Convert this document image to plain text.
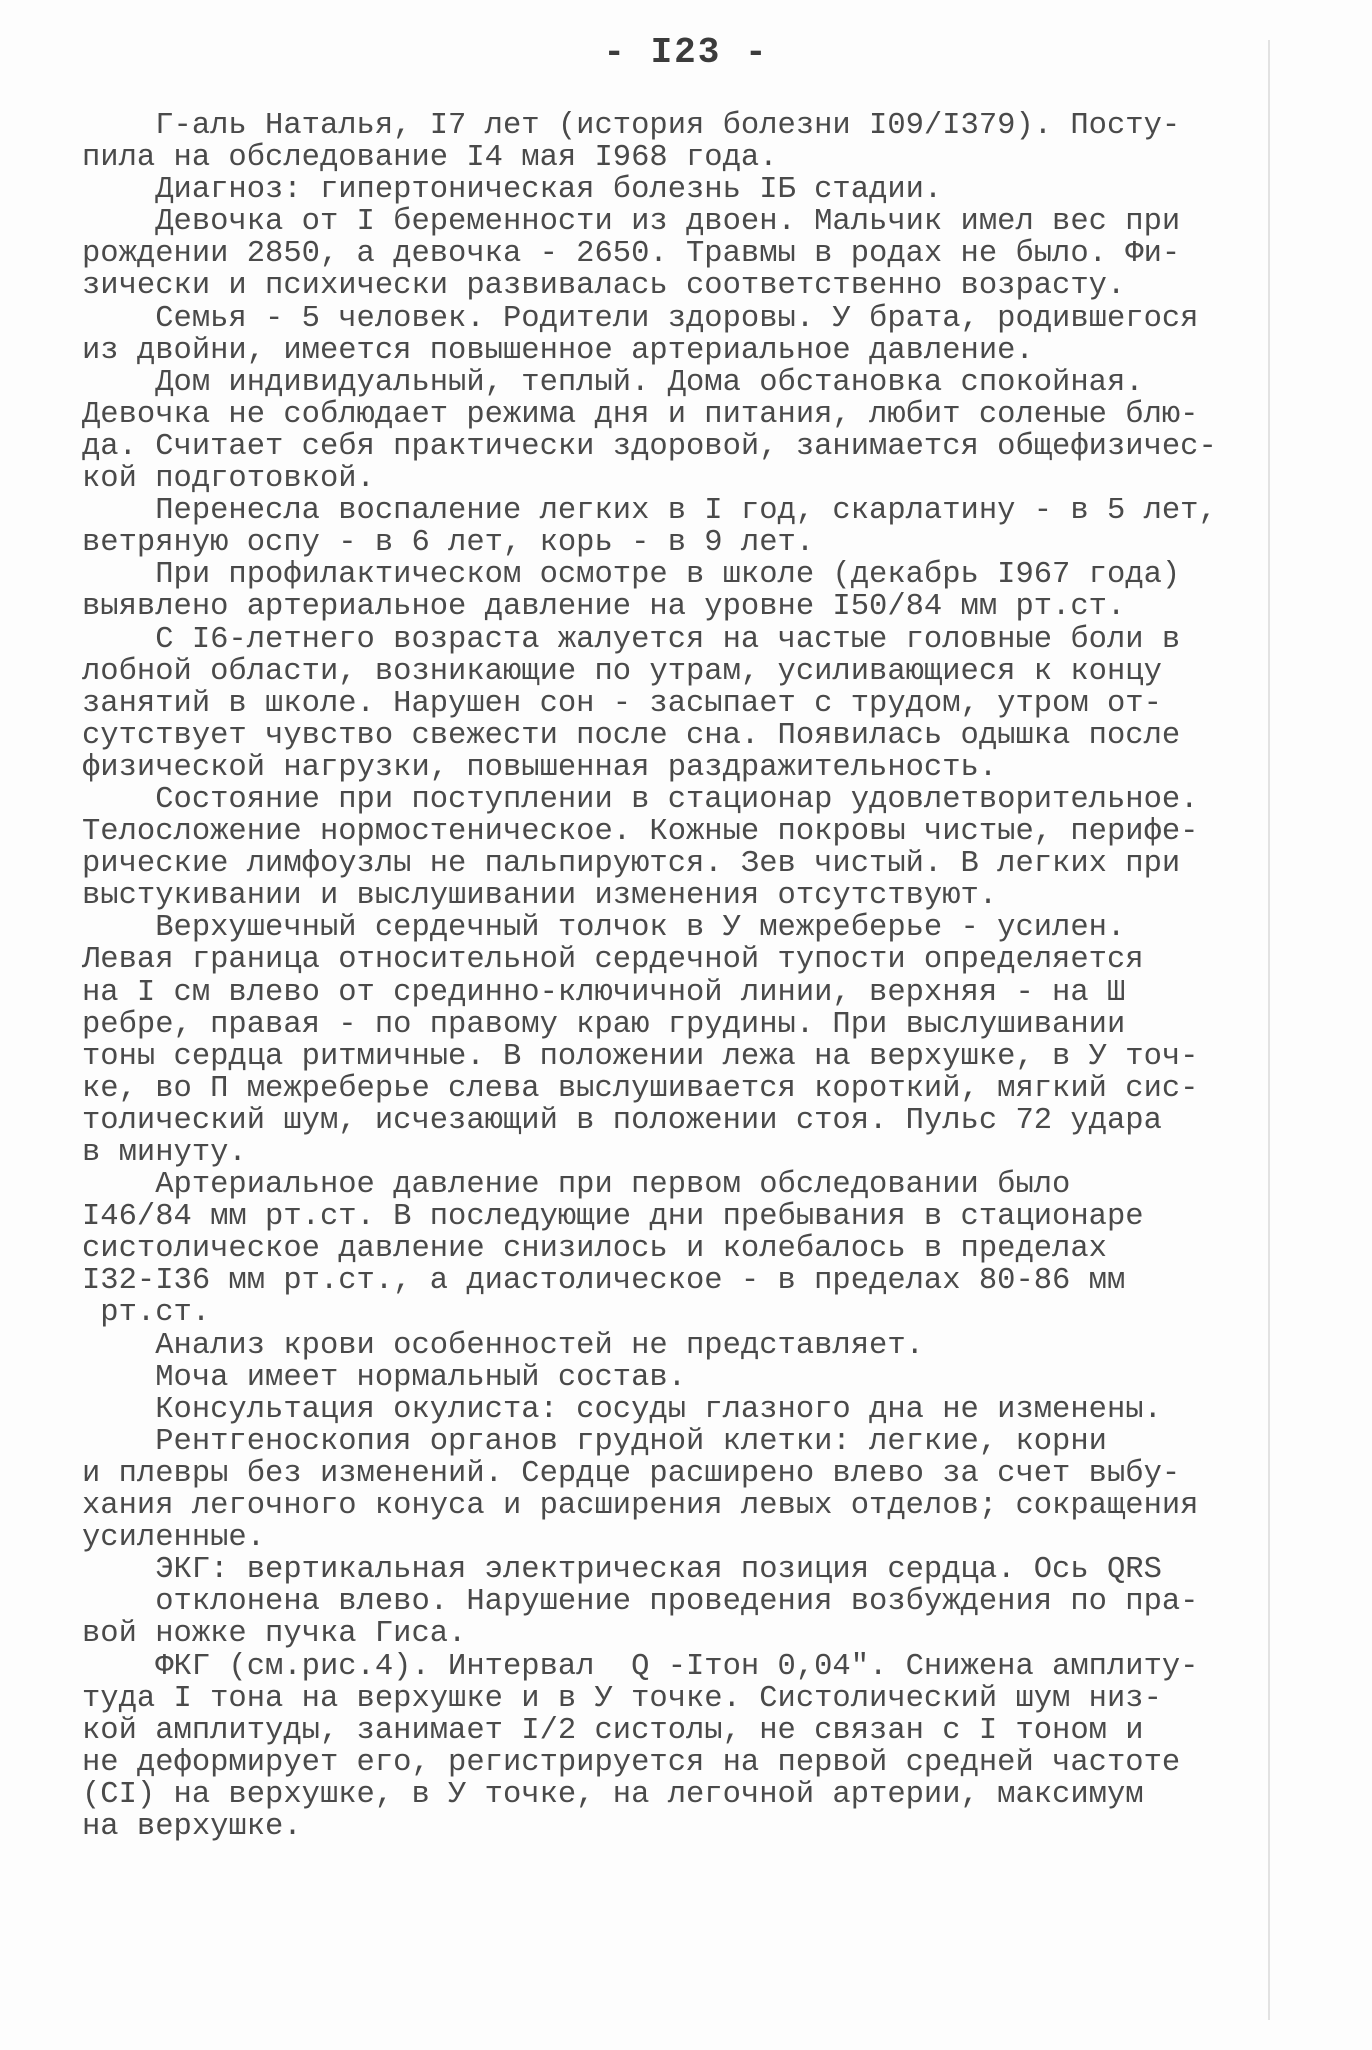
- I23 -
Г-аль Наталья, I7 лет (история болезни I09/I379). Посту-
пила на обследование I4 мая I968 года.
Диагноз: гипертоническая болезнь IБ стадии.
Девочка от I беременности из двоен. Мальчик имел вес при
рождении 2850, а девочка - 2650. Травмы в родах не было. Фи-
зически и психически развивалась соответственно возрасту.
Семья - 5 человек. Родители здоровы. У брата, родившегося
из двойни, имеется повышенное артериальное давление.
Дом индивидуальный, теплый. Дома обстановка спокойная.
Девочка не соблюдает режима дня и питания, любит соленые блю-
да. Считает себя практически здоровой, занимается общефизичес-
кой подготовкой.
Перенесла воспаление легких в I год, скарлатину - в 5 лет,
ветряную оспу - в 6 лет, корь - в 9 лет.
При профилактическом осмотре в школе (декабрь I967 года)
выявлено артериальное давление на уровне I50/84 мм рт.ст.
С I6-летнего возраста жалуется на частые головные боли в
лобной области, возникающие по утрам, усиливающиеся к концу
занятий в школе. Нарушен сон - засыпает с трудом, утром от-
сутствует чувство свежести после сна. Появилась одышка после
физической нагрузки, повышенная раздражительность.
Состояние при поступлении в стационар удовлетворительное.
Телосложение нормостеническое. Кожные покровы чистые, перифе-
рические лимфоузлы не пальпируются. Зев чистый. В легких при
выстукивании и выслушивании изменения отсутствуют.
Верхушечный сердечный толчок в У межреберье - усилен.
Левая граница относительной сердечной тупости определяется
на I см влево от срединно-ключичной линии, верхняя - на Ш
ребре, правая - по правому краю грудины. При выслушивании
тоны сердца ритмичные. В положении лежа на верхушке, в У точ-
ке, во П межреберье слева выслушивается короткий, мягкий сис-
толический шум, исчезающий в положении стоя. Пульс 72 удара
в минуту.
Артериальное давление при первом обследовании было
I46/84 мм рт.ст. В последующие дни пребывания в стационаре
систолическое давление снизилось и колебалось в пределах
I32-I36 мм рт.ст., а диастолическое - в пределах 80-86 мм
рт.ст.
Анализ крови особенностей не представляет.
Моча имеет нормальный состав.
Консультация окулиста: сосуды глазного дна не изменены.
Рентгеноскопия органов грудной клетки: легкие, корни
и плевры без изменений. Сердце расширено влево за счет выбу-
хания легочного конуса и расширения левых отделов; сокращения
усиленные.
ЭКГ: вертикальная электрическая позиция сердца. Ось QRS
отклонена влево. Нарушение проведения возбуждения по пра-
вой ножке пучка Гиса.
ФКГ (см.рис.4). Интервал  Q -Iтон 0,04". Снижена амплиту-
туда I тона на верхушке и в У точке. Систолический шум низ-
кой амплитуды, занимает I/2 систолы, не связан с I тоном и
не деформирует его, регистрируется на первой средней частоте
(CI) на верхушке, в У точке, на легочной артерии, максимум
на верхушке.
